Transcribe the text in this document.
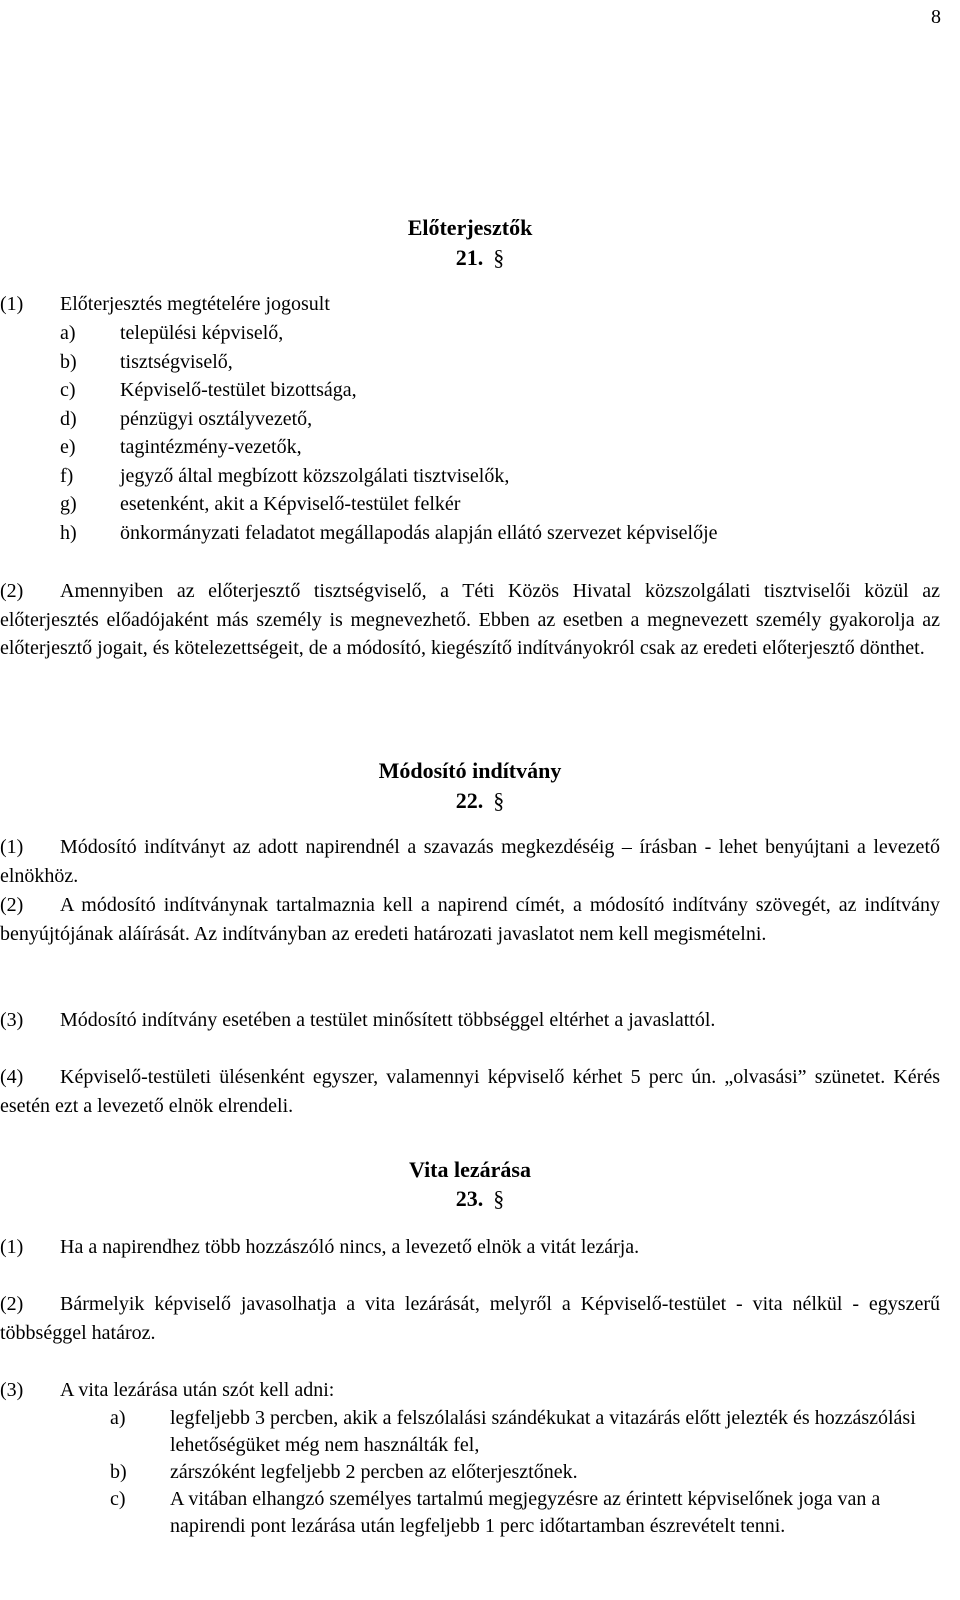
8
Előterjesztők
21. §
(1) Előterjesztés megtételére jogosult
a) települési képviselő,
b) tisztségviselő,
c) Képviselő-testület bizottsága,
d) pénzügyi osztályvezető,
e) tagintézmény-vezetők,
f) jegyző által megbízott közszolgálati tisztviselők,
g) esetenként, akit a Képviselő-testület felkér
h) önkormányzati feladatot megállapodás alapján ellátó szervezet képviselője
(2)	Amennyiben az előterjesztő tisztségviselő, a Téti Közös Hivatal közszolgálati tisztviselői közül az előterjesztés előadójaként más személy is megnevezhető. Ebben az esetben a megnevezett személy gyakorolja az előterjesztő jogait, és kötelezettségeit, de a módosító, kiegészítő indítványokról csak az eredeti előterjesztő dönthet.
Módosító indítvány
22. §
(1)	Módosító indítványt az adott napirendnél a szavazás megkezdéséig – írásban - lehet benyújtani a levezető elnökhöz.
(2)	A módosító indítványnak tartalmaznia kell a napirend címét, a módosító indítvány szövegét, az indítvány benyújtójának aláírását. Az indítványban az eredeti határozati javaslatot nem kell megismételni.
(3)	Módosító indítvány esetében a testület minősített többséggel eltérhet a javaslattól.
(4)	Képviselő-testületi ülésenként egyszer, valamennyi képviselő kérhet 5 perc ún. „olvasási” szünetet. Kérés esetén ezt a levezető elnök elrendeli.
Vita lezárása
23. §
(1)	Ha a napirendhez több hozzászóló nincs, a levezető elnök a vitát lezárja.
(2)	Bármelyik képviselő javasolhatja a vita lezárását, melyről a Képviselő-testület - vita nélkül - egyszerű többséggel határoz.
(3) A vita lezárása után szót kell adni:
a) legfeljebb 3 percben, akik a felszólalási szándékukat a vitazárás előtt jelezték és hozzászólási lehetőségüket még nem használták fel,
b) zárszóként legfeljebb 2 percben az előterjesztőnek.
c) A vitában elhangzó személyes tartalmú megjegyzésre az érintett képviselőnek joga van a napirendi pont lezárása után legfeljebb 1 perc időtartamban észrevételt tenni.
